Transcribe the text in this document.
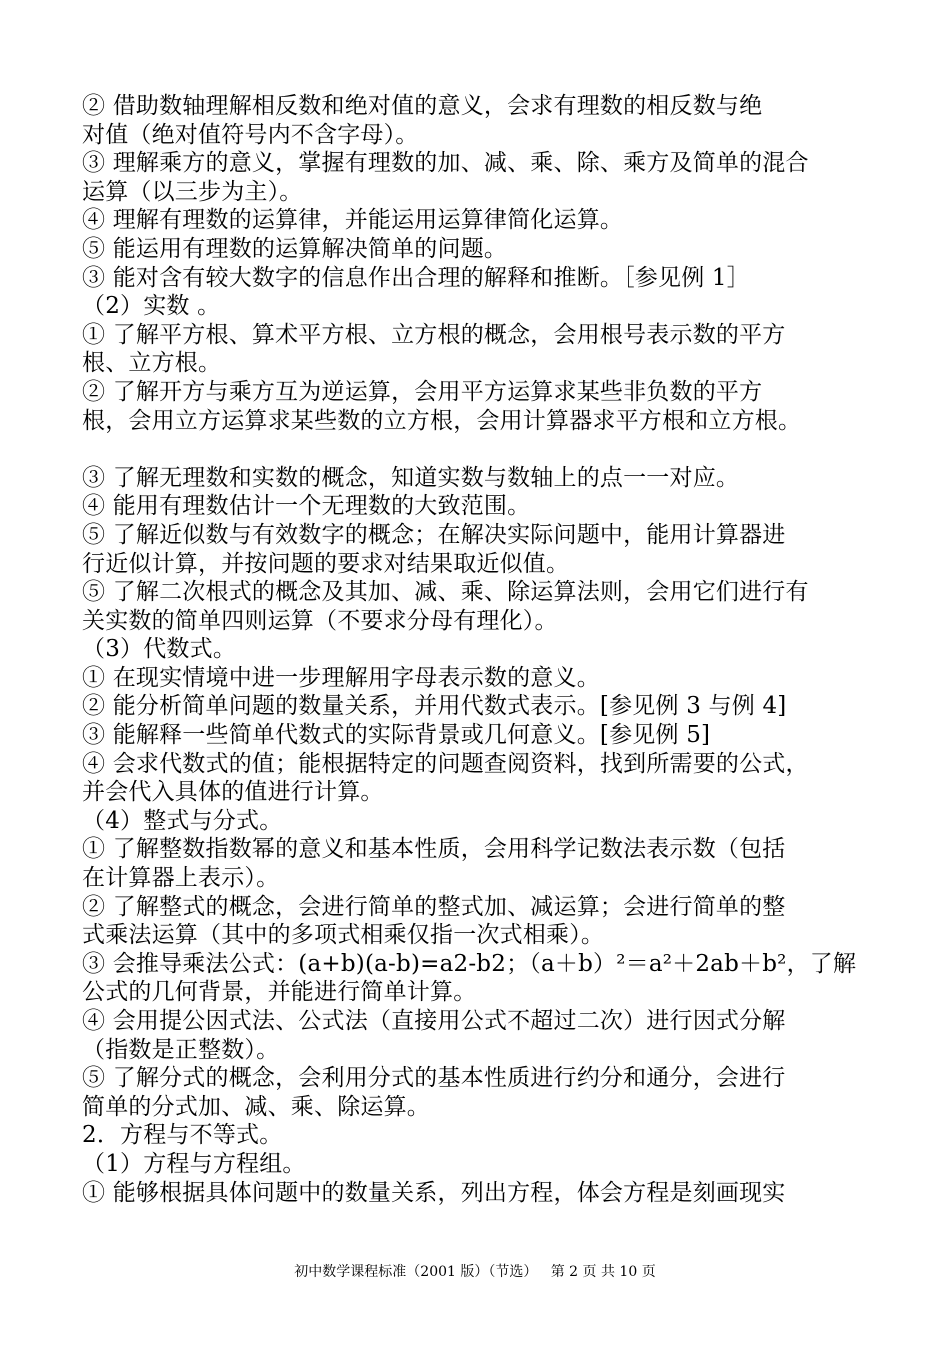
② 借助数轴理解相反数和绝对值的意义，会求有理数的相反数与绝
对值（绝对值符号内不含字母）。
③ 理解乘方的意义，掌握有理数的加、减、乘、除、乘方及简单的混合
运算（以三步为主）。
④ 理解有理数的运算律，并能运用运算律简化运算。
⑤ 能运用有理数的运算解决简单的问题。
③ 能对含有较大数字的信息作出合理的解释和推断。［参见例 1］
（2）实数 。
① 了解平方根、算术平方根、立方根的概念，会用根号表示数的平方
根、立方根。
② 了解开方与乘方互为逆运算，会用平方运算求某些非负数的平方
根，会用立方运算求某些数的立方根，会用计算器求平方根和立方根。
③ 了解无理数和实数的概念，知道实数与数轴上的点一一对应。
④ 能用有理数估计一个无理数的大致范围。
⑤ 了解近似数与有效数字的概念；在解决实际问题中，能用计算器进
行近似计算，并按问题的要求对结果取近似值。
⑤ 了解二次根式的概念及其加、减、乘、除运算法则，会用它们进行有
关实数的简单四则运算（不要求分母有理化）。
（3）代数式。
① 在现实情境中进一步理解用字母表示数的意义。
② 能分析简单问题的数量关系，并用代数式表示。[参见例 3 与例 4]
③ 能解释一些简单代数式的实际背景或几何意义。[参见例 5]
④ 会求代数式的值；能根据特定的问题查阅资料，找到所需要的公式，
并会代入具体的值进行计算。
（4）整式与分式。
① 了解整数指数幂的意义和基本性质，会用科学记数法表示数（包括
在计算器上表示）。
② 了解整式的概念，会进行简单的整式加、减运算；会进行简单的整
式乘法运算（其中的多项式相乘仅指一次式相乘）。
③ 会推导乘法公式：(a+b)(a-b)=a2-b2；（a＋b）²＝a²＋2ab＋b²，了解
公式的几何背景，并能进行简单计算。
④ 会用提公因式法、公式法（直接用公式不超过二次）进行因式分解
（指数是正整数）。
⑤ 了解分式的概念，会利用分式的基本性质进行约分和通分，会进行
简单的分式加、减、乘、除运算。
2．方程与不等式。
（1）方程与方程组。
① 能够根据具体问题中的数量关系，列出方程，体会方程是刻画现实
初中数学课程标准（2001 版）（节选）   第 2 页 共 10 页
